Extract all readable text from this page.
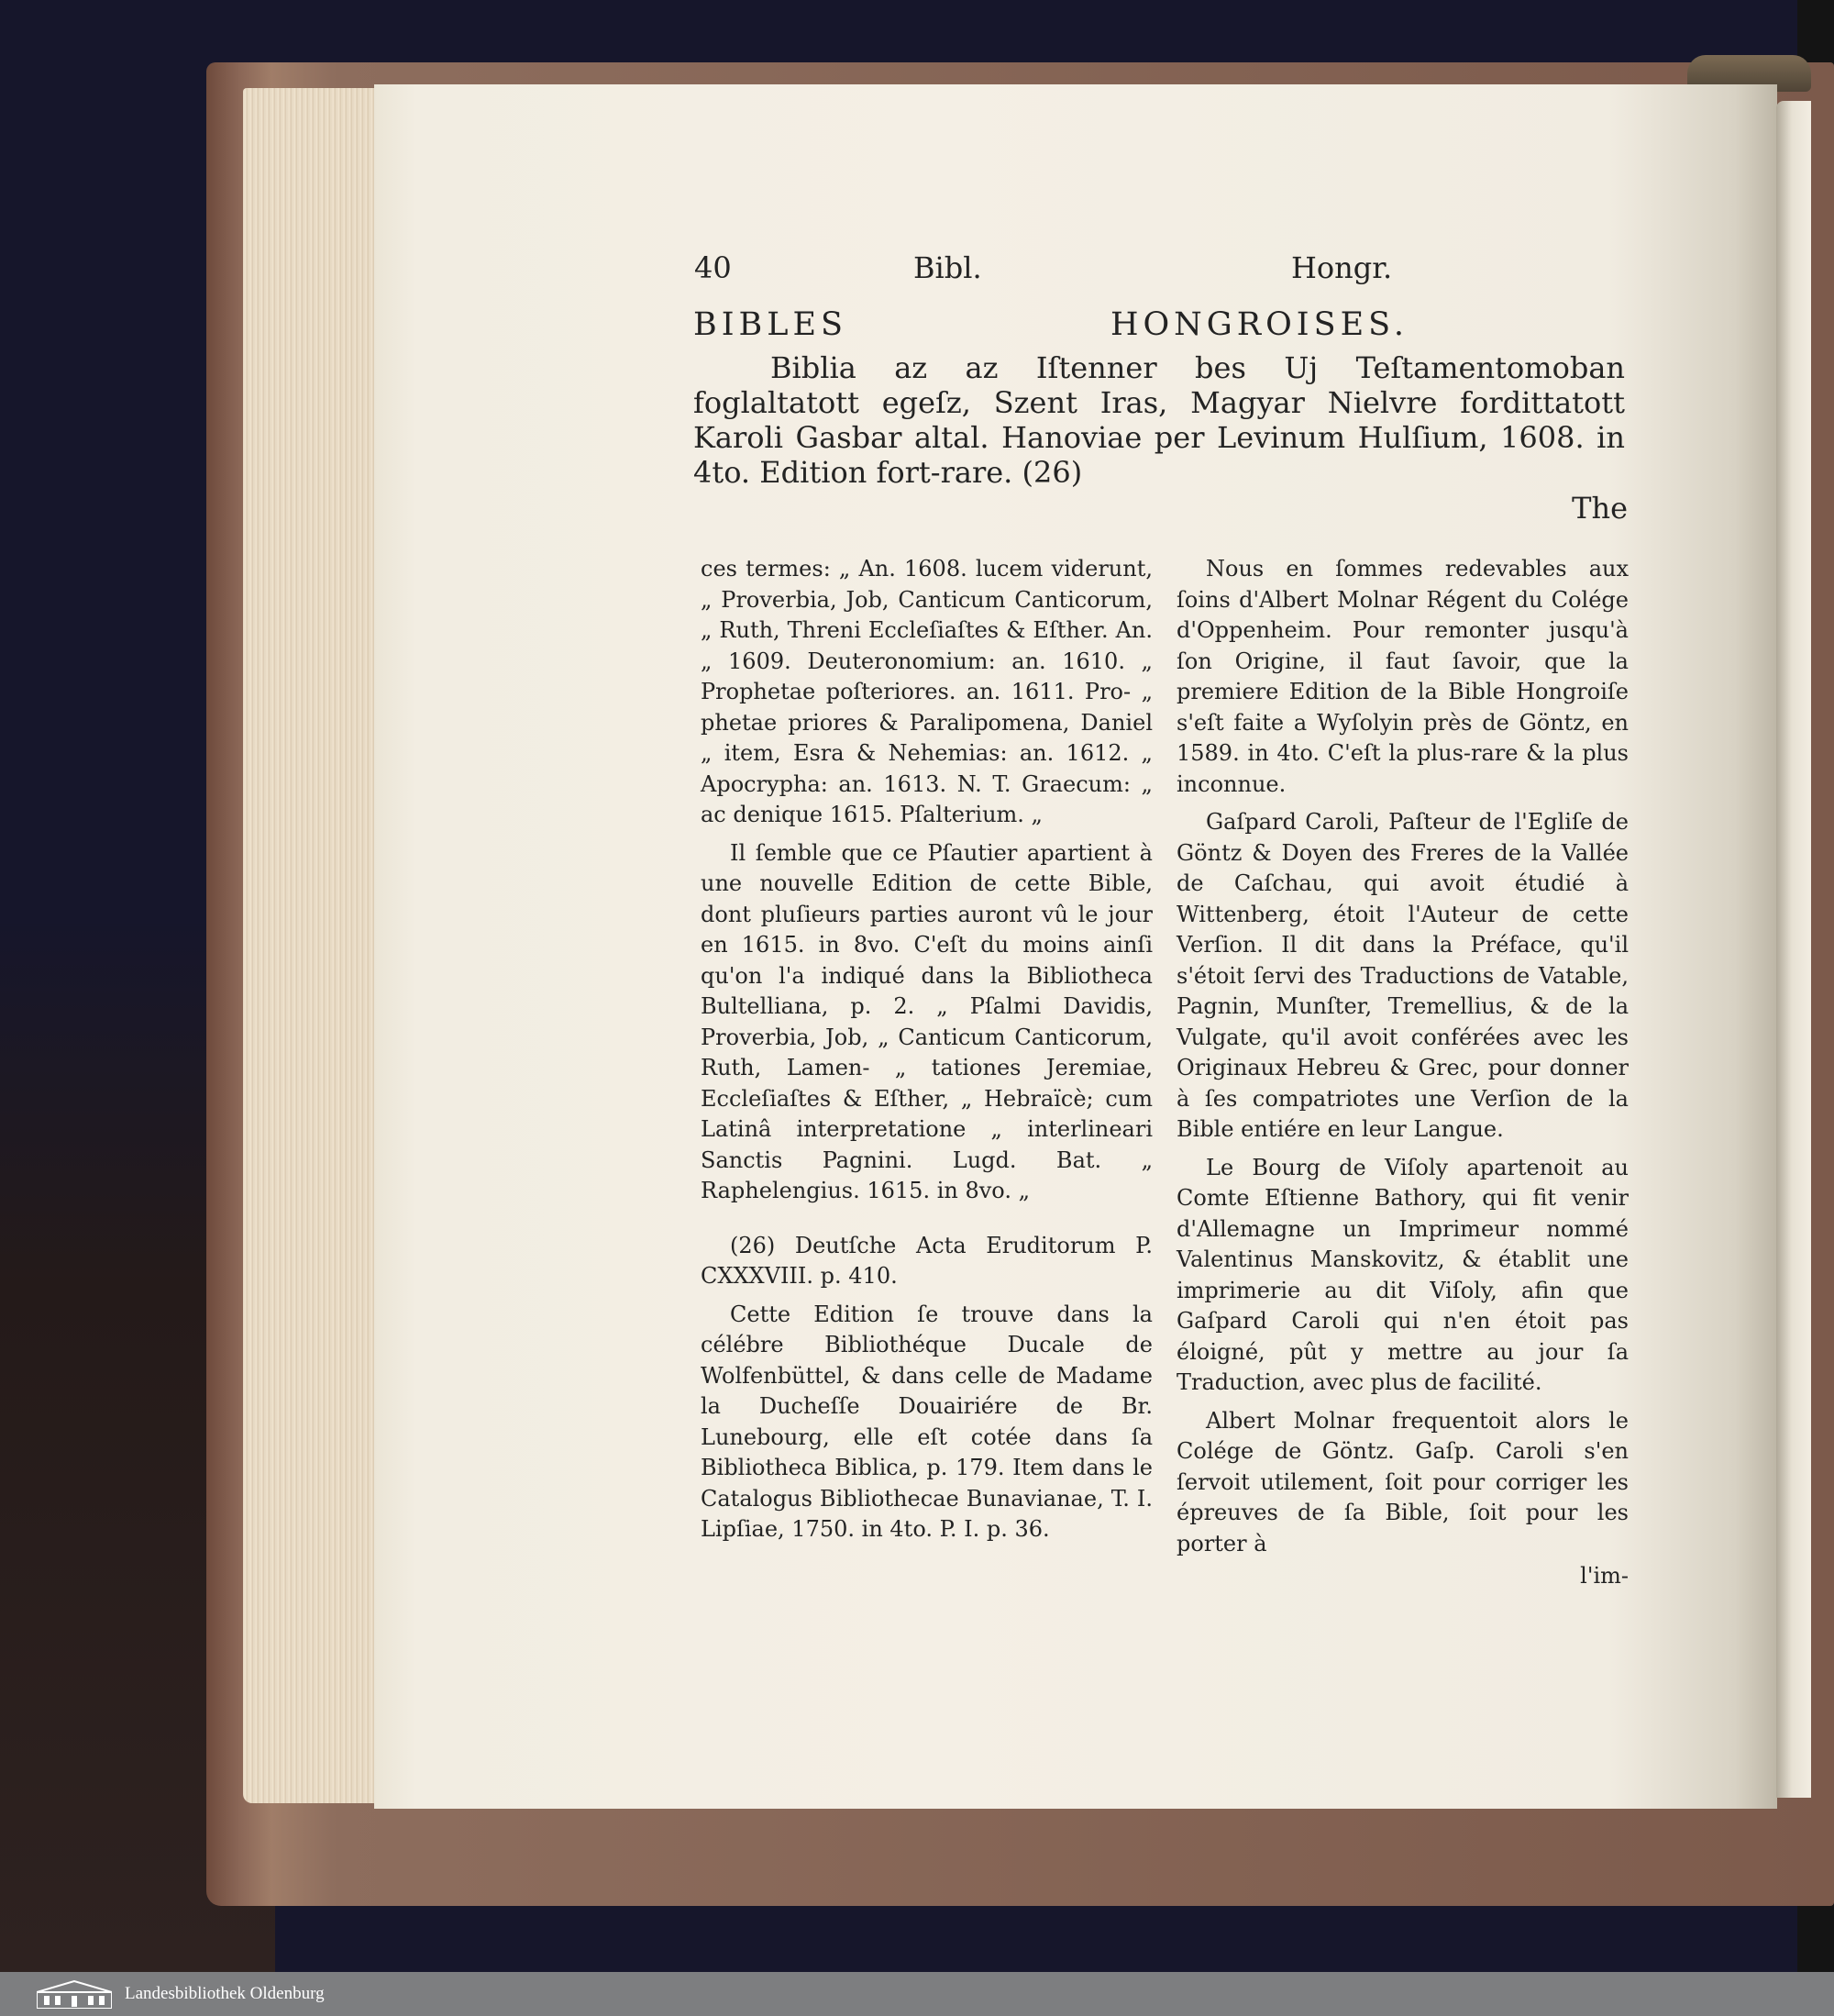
40	Bibl.	Hongr.
BIBLES HONGROISES.

Biblia az az Iſtenner bes Uj Teſtamentomoban foglaltatott egeſz, Szent Iras, Magyar Nielvre fordittatott Karoli Gasbar altal. Hanoviae per Levinum Hulſium, 1608. in 4to. Edition fort-rare. (26)

The

ces termes: „ An. 1608. lucem viderunt, „ Proverbia, Job, Canticum Canticorum, „ Ruth, Threni Eccleſiaſtes & Eſther. An. „ 1609. Deuteronomium: an. 1610. „ Prophetae poſteriores. an. 1611. Pro- „ phetae priores & Paralipomena, Daniel „ item, Esra & Nehemias: an. 1612. „ Apocrypha: an. 1613. N. T. Graecum: „ ac denique 1615. Pſalterium. „

Il ſemble que ce Pſautier apartient à une nouvelle Edition de cette Bible, dont pluſieurs parties auront vû le jour en 1615. in 8vo. C'eſt du moins ainſi qu'on l'a indiqué dans la Bibliotheca Bultelliana, p. 2. „ Pſalmi Davidis, Proverbia, Job, „ Canticum Canticorum, Ruth, Lamen- „ tationes Jeremiae, Eccleſiaſtes & Eſther, „ Hebraïcè; cum Latinâ interpretatione „ interlineari Sanctis Pagnini. Lugd. Bat. „ Raphelengius. 1615. in 8vo. „

(26) Deutſche Acta Eruditorum P. CXXXVIII. p. 410.

Cette Edition ſe trouve dans la célébre Bibliothéque Ducale de Wolfenbüttel, & dans celle de Madame la Ducheſſe Douairiére de Br. Lunebourg, elle eſt cotée dans ſa Bibliotheca Biblica, p. 179. Item dans le Catalogus Bibliothecae Bunavianae, T. I. Lipſiae, 1750. in 4to. P. I. p. 36.

Nous en ſommes redevables aux ſoins d'Albert Molnar Régent du Colége d'Oppenheim. Pour remonter jusqu'à ſon Origine, il faut ſavoir, que la premiere Edition de la Bible Hongroiſe s'eſt faite a Wyſolyin près de Göntz, en 1589. in 4to. C'eſt la plus-rare & la plus inconnue.

Gaſpard Caroli, Paſteur de l'Egliſe de Göntz & Doyen des Freres de la Vallée de Caſchau, qui avoit étudié à Wittenberg, étoit l'Auteur de cette Verſion. Il dit dans la Préface, qu'il s'étoit ſervi des Traductions de Vatable, Pagnin, Munſter, Tremellius, & de la Vulgate, qu'il avoit conférées avec les Originaux Hebreu & Grec, pour donner à ſes compatriotes une Verſion de la Bible entiére en leur Langue.

Le Bourg de Viſoly apartenoit au Comte Eſtienne Bathory, qui fit venir d'Allemagne un Imprimeur nommé Valentinus Manskovitz, & établit une imprimerie au dit Viſoly, afin que Gaſpard Caroli qui n'en étoit pas éloigné, pût y mettre au jour ſa Traduction, avec plus de facilité.

Albert Molnar frequentoit alors le Colége de Göntz. Gaſp. Caroli s'en ſervoit utilement, ſoit pour corriger les épreuves de ſa Bible, ſoit pour les porter à

l'im-

Landesbibliothek Oldenburg
